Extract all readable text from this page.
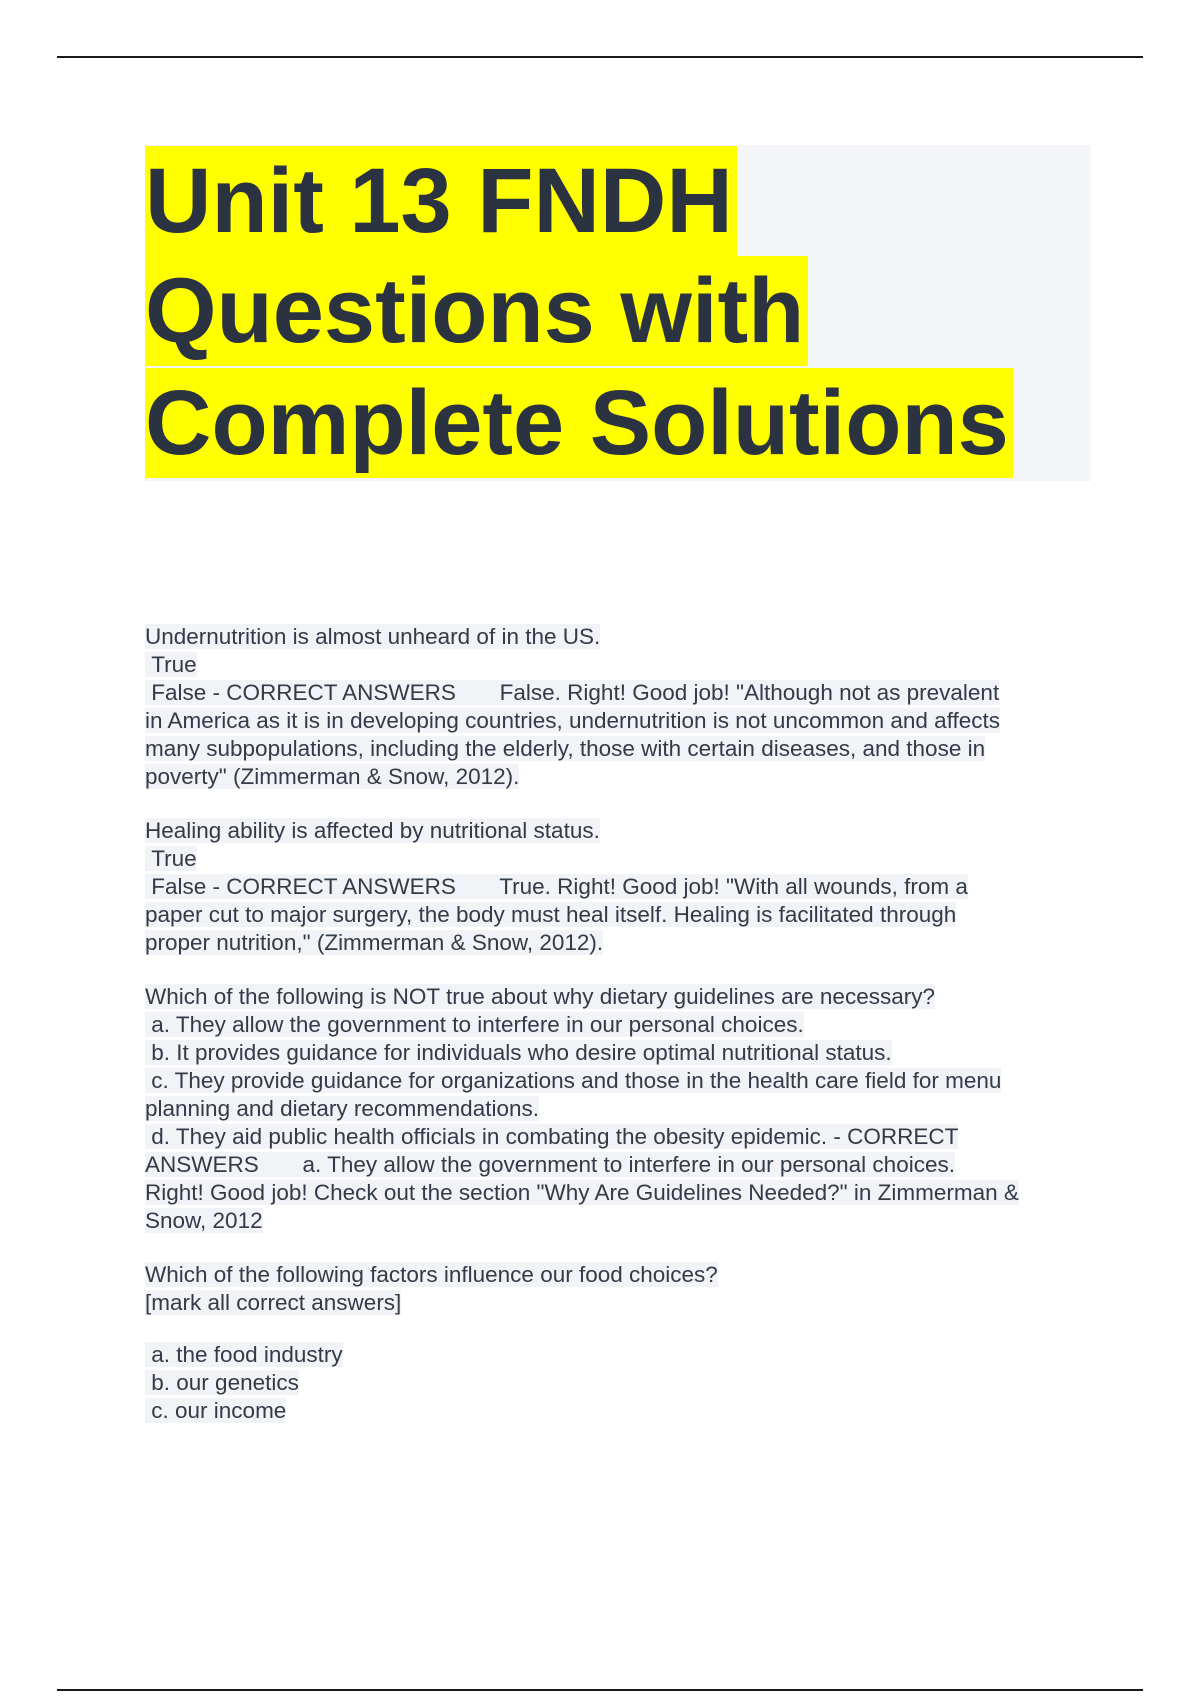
Unit 13 FNDH
Questions with
Complete Solutions
Undernutrition is almost unheard of in the US.
True
False - CORRECT ANSWERS       False. Right! Good job! "Although not as prevalent
in America as it is in developing countries, undernutrition is not uncommon and affects
many subpopulations, including the elderly, those with certain diseases, and those in
poverty" (Zimmerman & Snow, 2012).
Healing ability is affected by nutritional status.
True
False - CORRECT ANSWERS       True. Right! Good job! "With all wounds, from a
paper cut to major surgery, the body must heal itself. Healing is facilitated through
proper nutrition," (Zimmerman & Snow, 2012).
Which of the following is NOT true about why dietary guidelines are necessary?
a. They allow the government to interfere in our personal choices.
b. It provides guidance for individuals who desire optimal nutritional status.
c. They provide guidance for organizations and those in the health care field for menu
planning and dietary recommendations.
d. They aid public health officials in combating the obesity epidemic. - CORRECT
ANSWERS       a. They allow the government to interfere in our personal choices.
Right! Good job! Check out the section "Why Are Guidelines Needed?" in Zimmerman &
Snow, 2012
Which of the following factors influence our food choices?
[mark all correct answers]
a. the food industry
b. our genetics
c. our income
